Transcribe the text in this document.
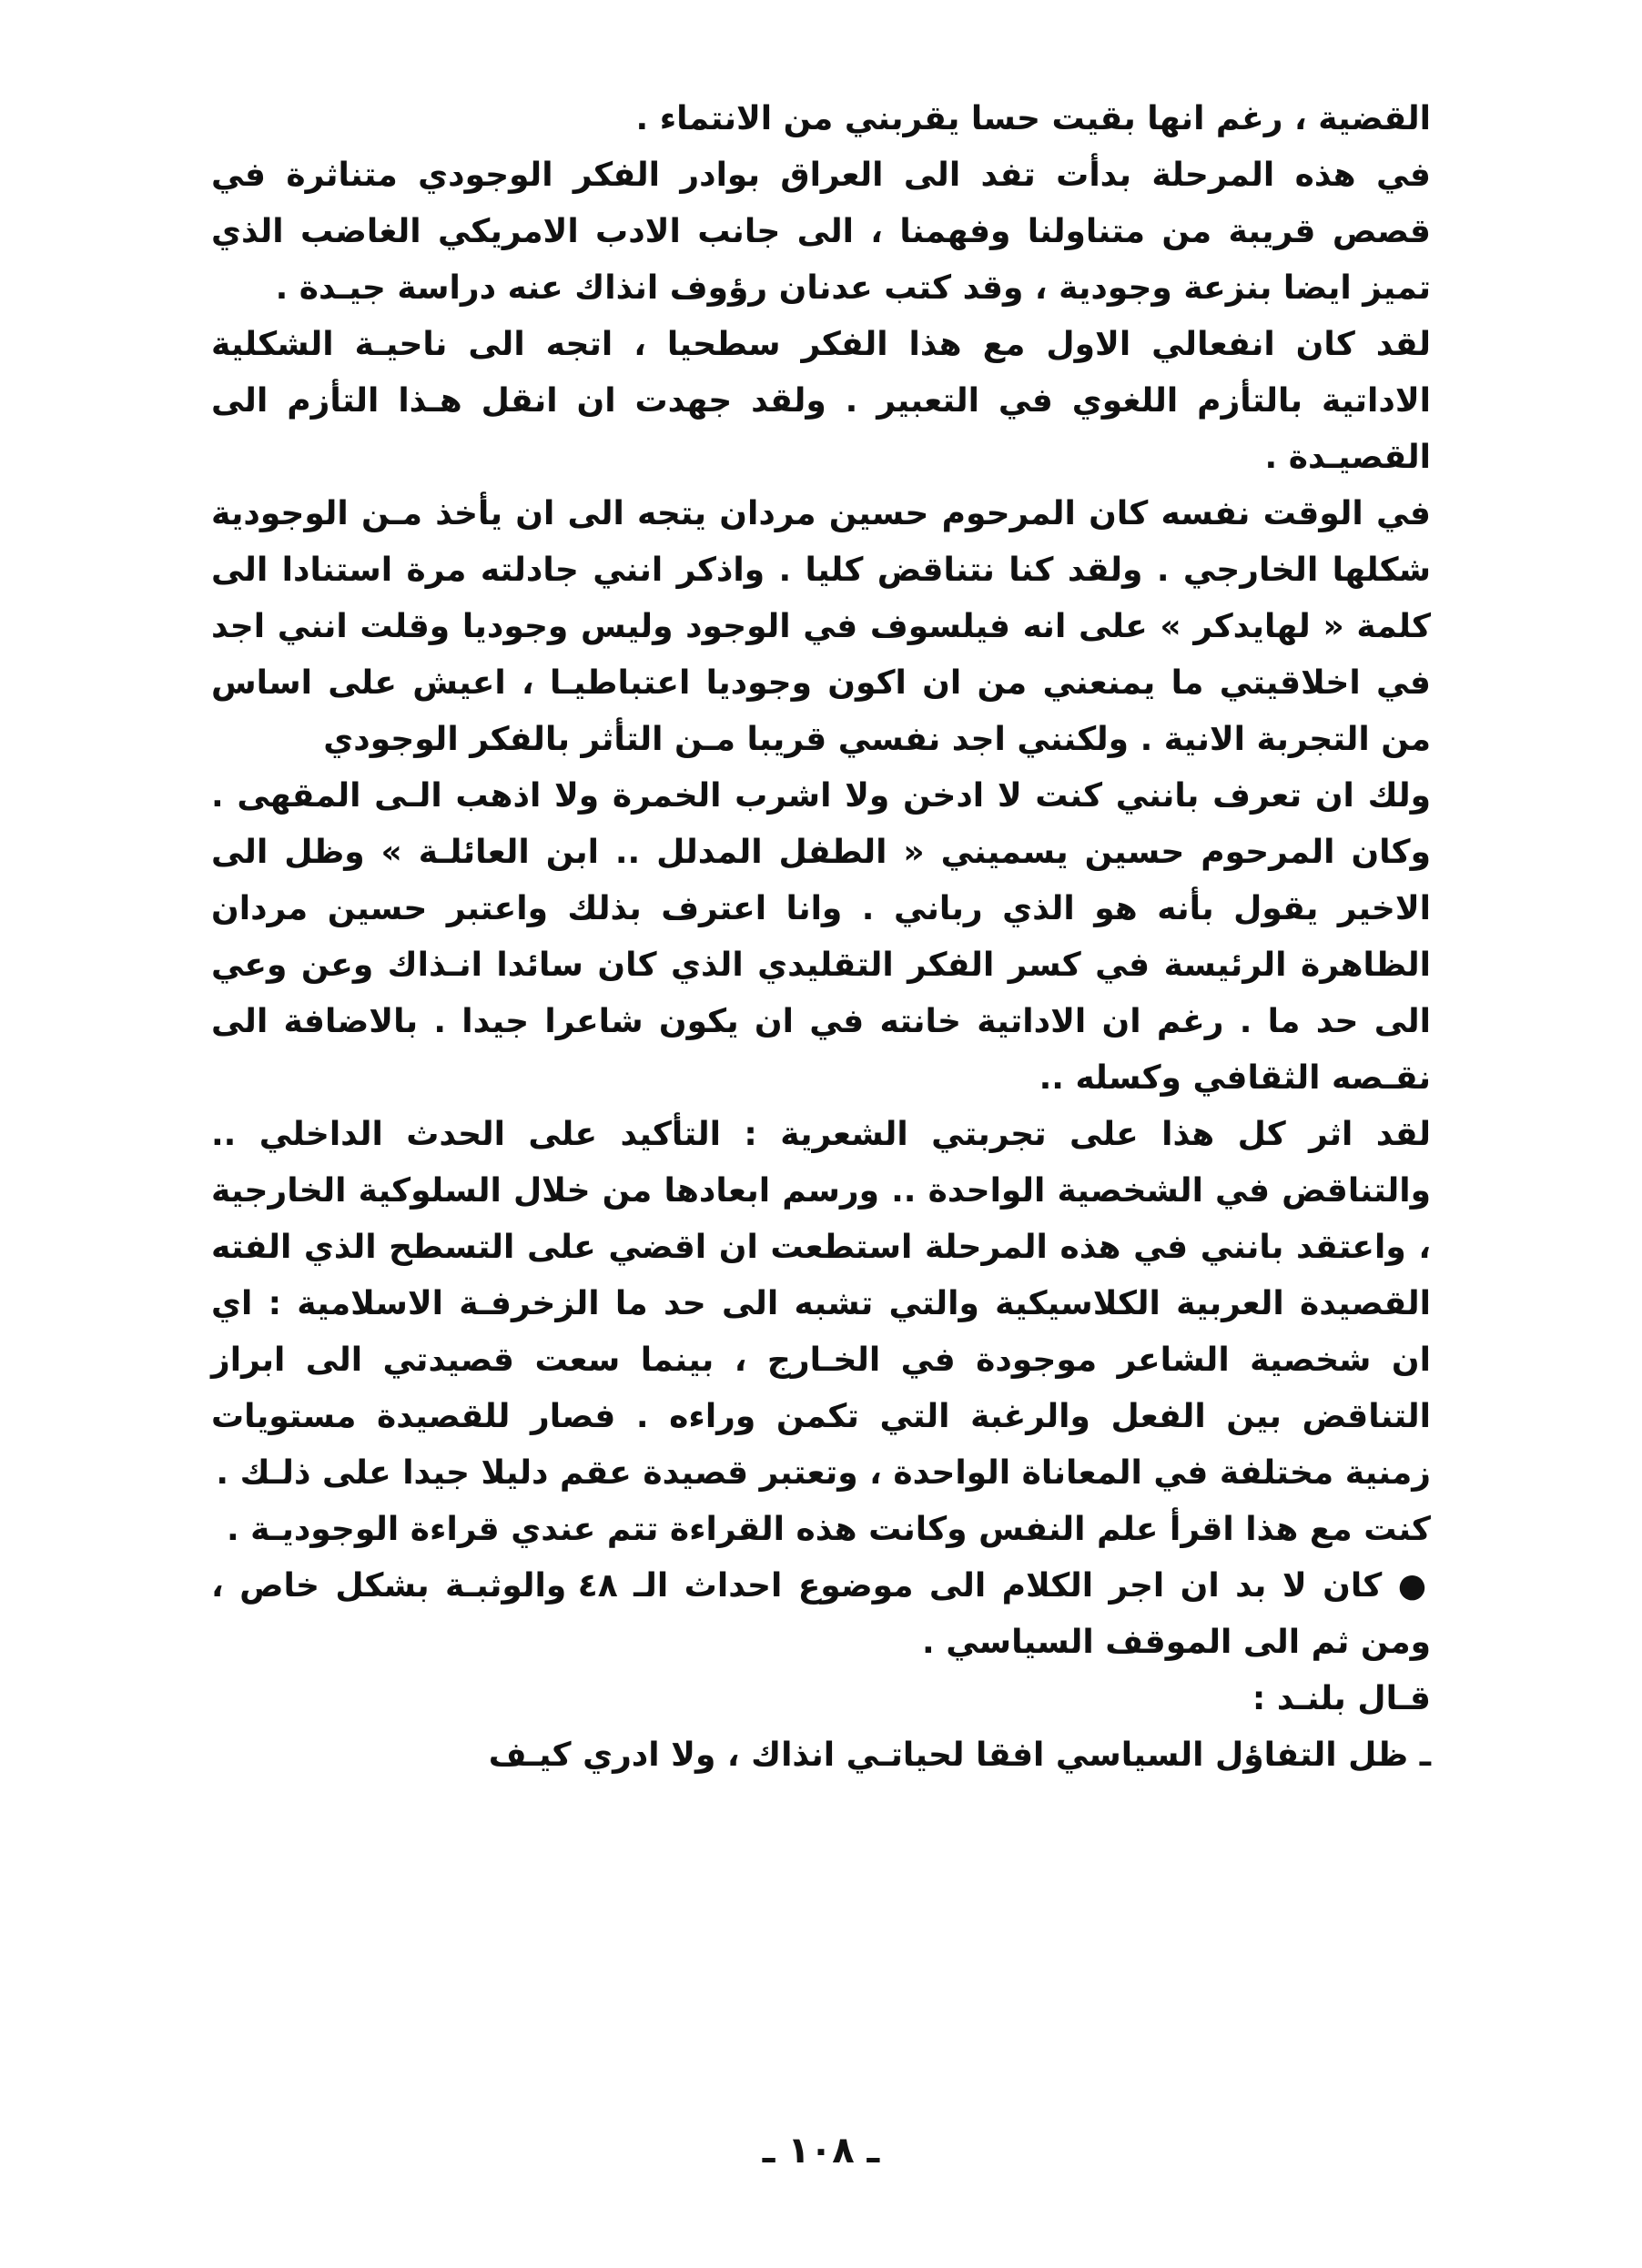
القضية ، رغم انها بقيت حسا يقربني من الانتماء .

في هذه المرحلة بدأت تفد الى العراق بوادر الفكر الوجودي متناثرة في قصص قريبة من متناولنا وفهمنا ، الى جانب الادب الامريكي الغاضب الذي تميز ايضا بنزعة وجودية ، وقد كتب عدنان رؤوف انذاك عنه دراسة جيـدة .

لقد كان انفعالي الاول مع هذا الفكر سطحيا ، اتجه الى ناحيـة الشكلية الاداتية بالتأزم اللغوي في التعبير . ولقد جهدت ان انقل هـذا التأزم الى القصيـدة .

في الوقت نفسه كان المرحوم حسين مردان يتجه الى ان يأخذ مـن الوجودية شكلها الخارجي . ولقد كنا نتناقض كليا . واذكر انني جادلته مرة استنادا الى كلمة « لهايدكر » على انه فيلسوف في الوجود وليس وجوديا وقلت انني اجد في اخلاقيتي ما يمنعني من ان اكون وجوديا اعتباطيـا ، اعيش على اساس من التجربة الانية . ولكنني اجد نفسي قريبا مـن التأثر بالفكر الوجودي

ولك ان تعرف بانني كنت لا ادخن ولا اشرب الخمرة ولا اذهب الـى المقهى . وكان المرحوم حسين يسميني « الطفل المدلل .. ابن العائلـة » وظل الى الاخير يقول بأنه هو الذي رباني . وانا اعترف بذلك واعتبر حسين مردان الظاهرة الرئيسة في كسر الفكر التقليدي الذي كان سائدا انـذاك وعن وعي الى حد ما . رغم ان الاداتية خانته في ان يكون شاعرا جيدا . بالاضافة الى نقـصه الثقافي وكسله ..

لقد اثر كل هذا على تجربتي الشعرية : التأكيد على الحدث الداخلي .. والتناقض في الشخصية الواحدة .. ورسم ابعادها من خلال السلوكية الخارجية ، واعتقد بانني في هذه المرحلة استطعت ان اقضي على التسطح الذي الفته القصيدة العربية الكلاسيكية والتي تشبه الى حد ما الزخرفـة الاسلامية : اي ان شخصية الشاعر موجودة في الخـارج ، بينما سعت قصيدتي الى ابراز التناقض بين الفعل والرغبة التي تكمن وراءه . فصار للقصيدة مستويات زمنية مختلفة في المعاناة الواحدة ، وتعتبر قصيدة عقم دليلا جيدا على ذلـك .

كنت مع هذا اقرأ علم النفس وكانت هذه القراءة تتم عندي قراءة الوجوديـة .

● كان لا بد ان اجر الكلام الى موضوع احداث الـ ٤٨ والوثبـة بشكل خاص ، ومن ثم الى الموقف السياسي .

قـال بلنـد :

ـ ظل التفاؤل السياسي افقا لحياتـي انذاك ، ولا ادري كيـف

ـ ١٠٨ ـ
